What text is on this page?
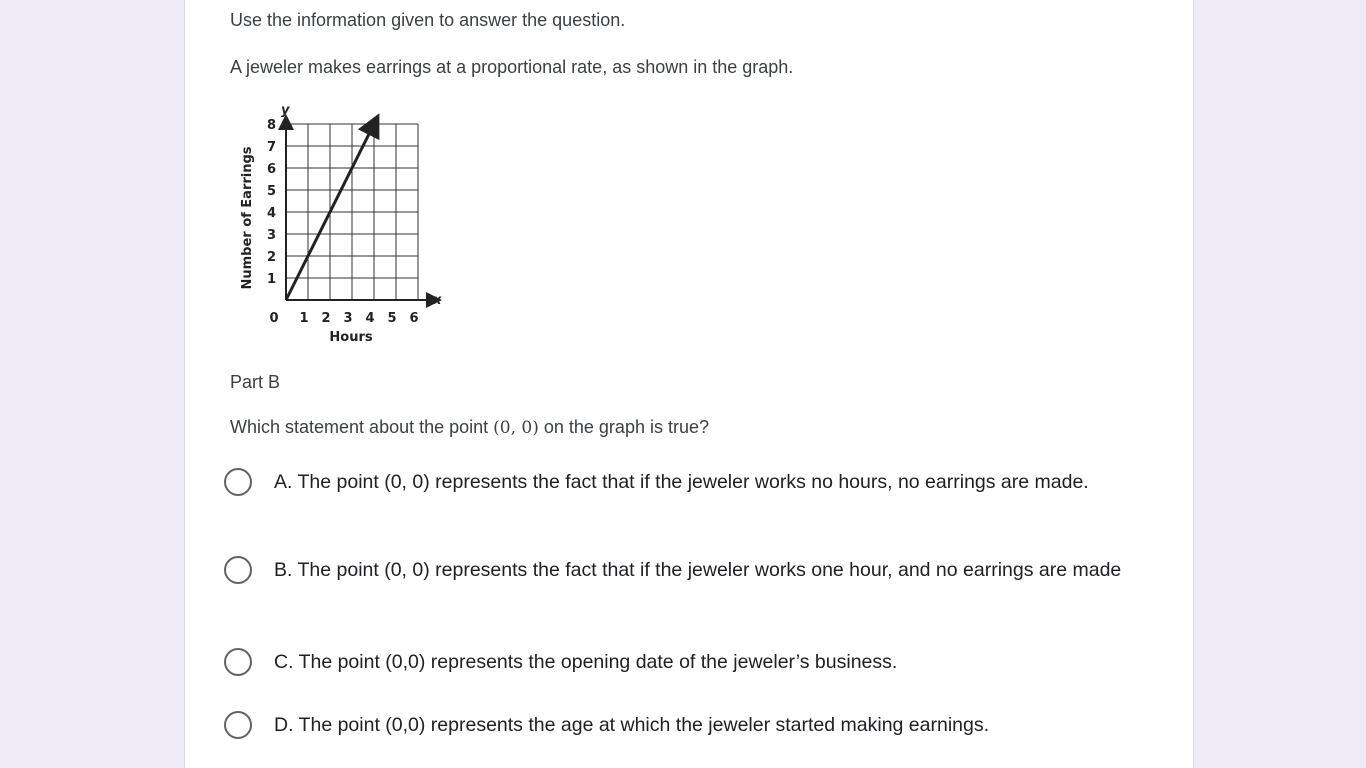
Use the information given to answer the question.

A jeweler makes earrings at a proportional rate, as shown in the graph.

y
x
1
2
3
4
5
6
7
8
0 1 2 3 4 5 6
Number of Earrings
Hours

Part B

Which statement about the point (0, 0) on the graph is true?

A. The point (0, 0) represents the fact that if the jeweler works no hours, no earrings are made.
B. The point (0, 0) represents the fact that if the jeweler works one hour, and no earrings are made
C. The point (0,0) represents the opening date of the jeweler’s business.
D. The point (0,0) represents the age at which the jeweler started making earnings.
